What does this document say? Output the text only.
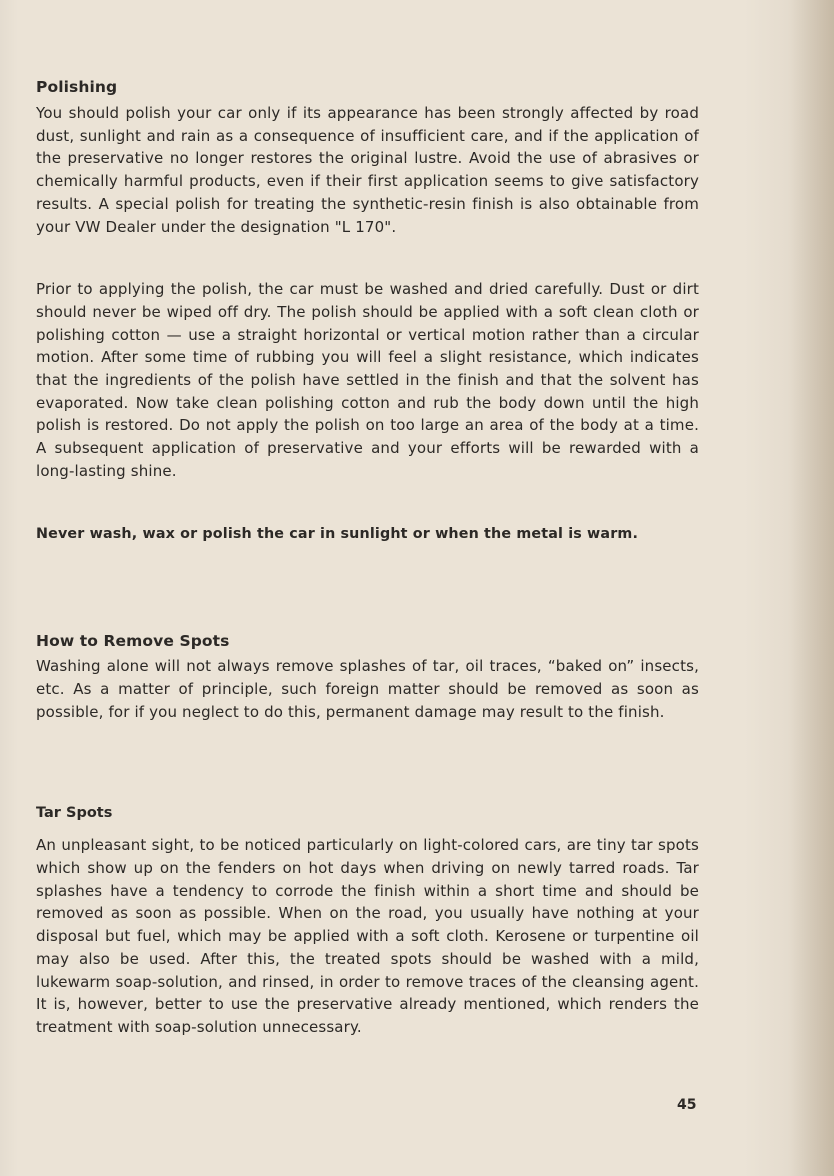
Polishing

You should polish your car only if its appearance has been strongly affected by road dust, sunlight and rain as a consequence of insufficient care, and if the application of the preservative no longer restores the original lustre. Avoid the use of abrasives or chemically harmful products, even if their first application seems to give satisfactory results. A special polish for treating the synthetic-resin finish is also obtainable from your VW Dealer under the designation "L 170".

Prior to applying the polish, the car must be washed and dried carefully. Dust or dirt should never be wiped off dry. The polish should be applied with a soft clean cloth or polishing cotton — use a straight horizontal or vertical motion rather than a circular motion. After some time of rubbing you will feel a slight resistance, which indicates that the ingredients of the polish have settled in the finish and that the solvent has evaporated. Now take clean polishing cotton and rub the body down until the high polish is restored. Do not apply the polish on too large an area of the body at a time. A subsequent application of preservative and your efforts will be rewarded with a long-lasting shine.

Never wash, wax or polish the car in sunlight or when the metal is warm.

How to Remove Spots

Washing alone will not always remove splashes of tar, oil traces, “baked on” insects, etc. As a matter of principle, such foreign matter should be removed as soon as possible, for if you neglect to do this, permanent damage may result to the finish.

Tar Spots

An unpleasant sight, to be noticed particularly on light-colored cars, are tiny tar spots which show up on the fenders on hot days when driving on newly tarred roads. Tar splashes have a tendency to corrode the finish within a short time and should be removed as soon as possible. When on the road, you usually have nothing at your disposal but fuel, which may be applied with a soft cloth. Kerosene or turpentine oil may also be used. After this, the treated spots should be washed with a mild, lukewarm soap-solution, and rinsed, in order to remove traces of the cleansing agent. It is, however, better to use the preservative already mentioned, which renders the treatment with soap-solution unnecessary.

45
